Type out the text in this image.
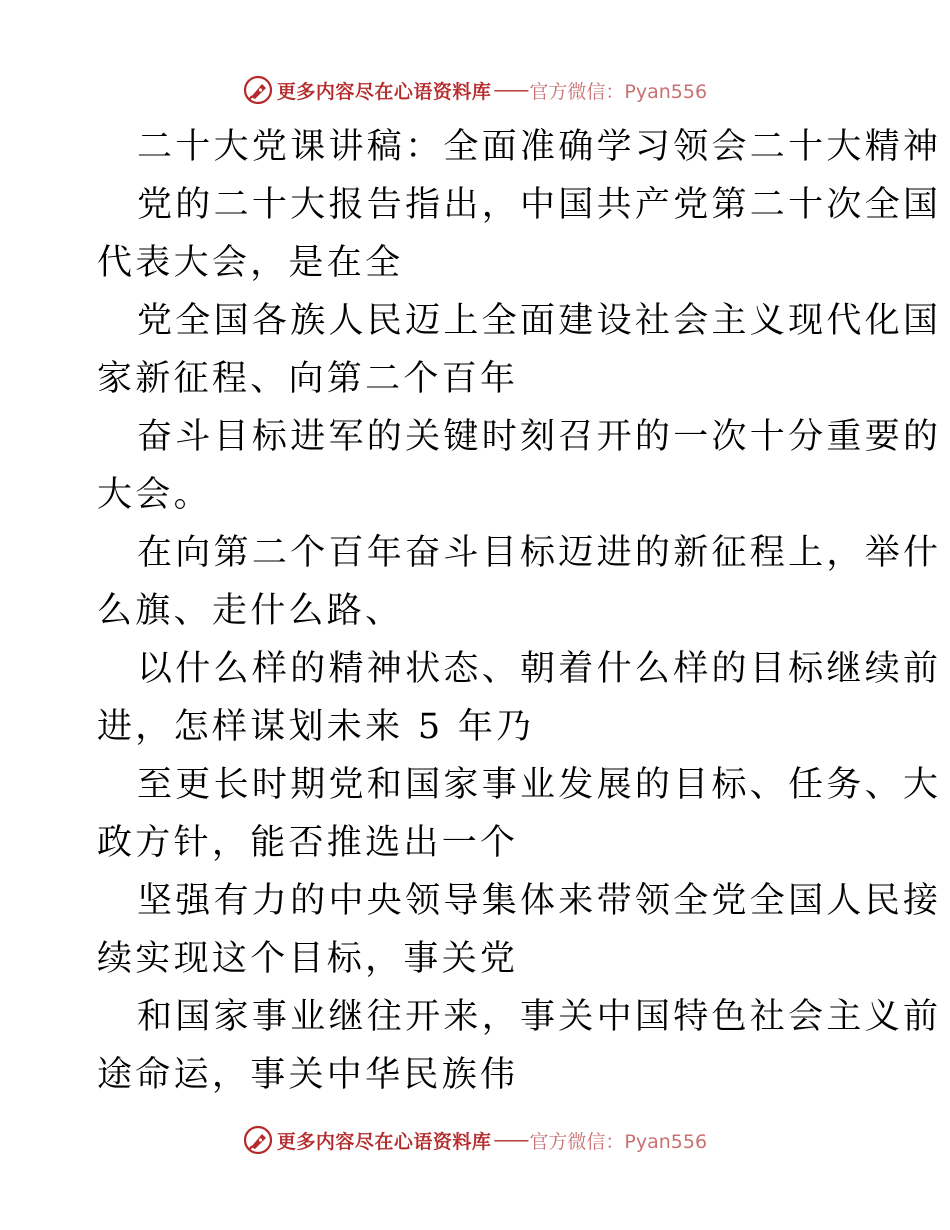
更多内容尽在心语资料库 —— 官方微信：Pyan556
二十大党课讲稿：全面准确学习领会二十大精神
党的二十大报告指出，中国共产党第二十次全国
代表大会，是在全
党全国各族人民迈上全面建设社会主义现代化国
家新征程、向第二个百年
奋斗目标进军的关键时刻召开的一次十分重要的
大会。
在向第二个百年奋斗目标迈进的新征程上，举什
么旗、走什么路、
以什么样的精神状态、朝着什么样的目标继续前
进，怎样谋划未来 5 年乃
至更长时期党和国家事业发展的目标、任务、大
政方针，能否推选出一个
坚强有力的中央领导集体来带领全党全国人民接
续实现这个目标，事关党
和国家事业继往开来，事关中国特色社会主义前
途命运，事关中华民族伟
更多内容尽在心语资料库 —— 官方微信：Pyan556
